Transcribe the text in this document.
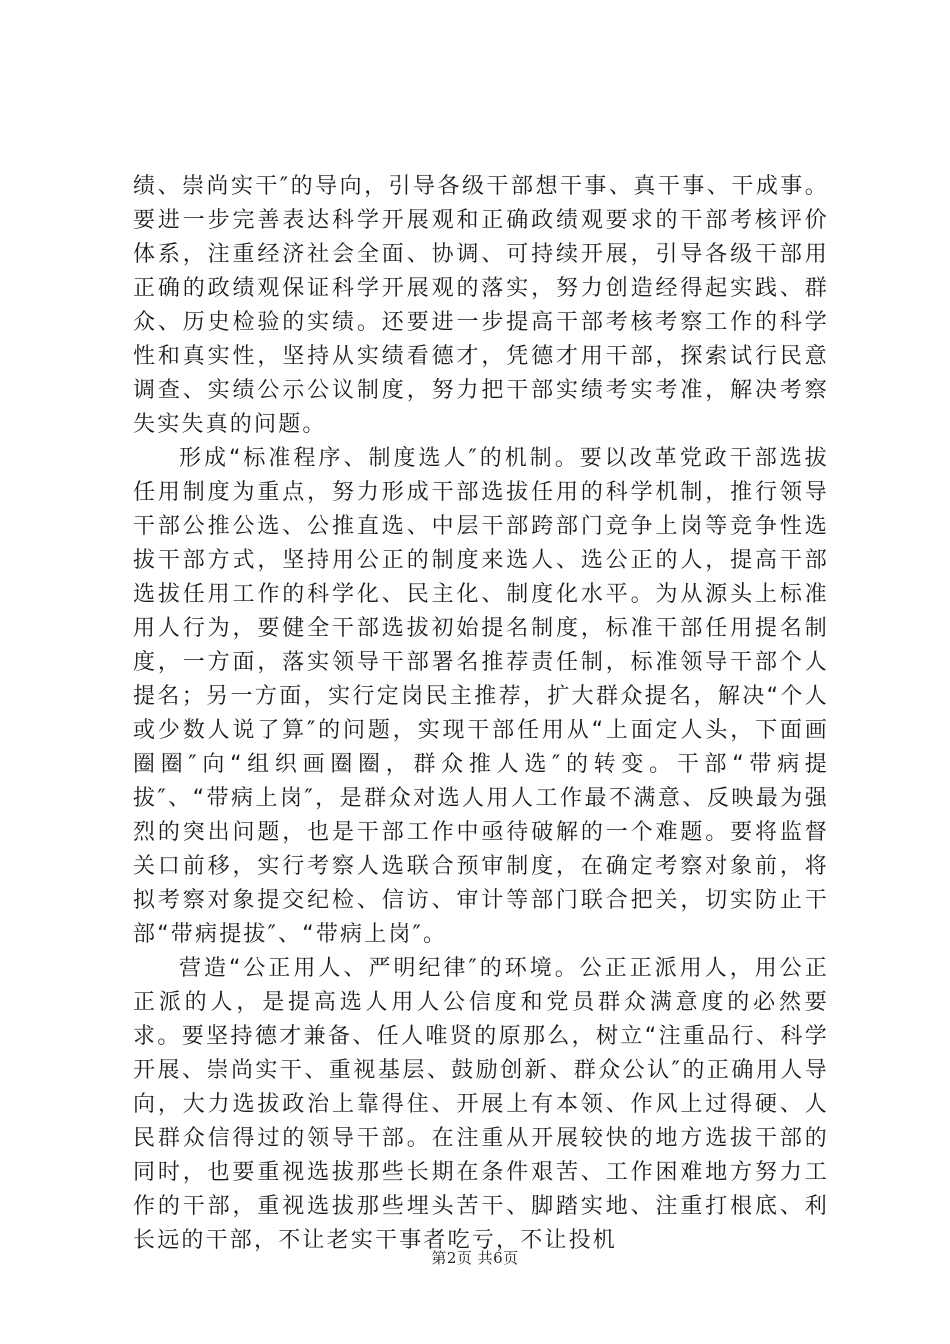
绩、崇尚实干″的导向，引导各级干部想干事、真干事、干成事。要进一步完善表达科学开展观和正确政绩观要求的干部考核评价体系，注重经济社会全面、协调、可持续开展，引导各级干部用正确的政绩观保证科学开展观的落实，努力创造经得起实践、群众、历史检验的实绩。还要进一步提高干部考核考察工作的科学性和真实性，坚持从实绩看德才，凭德才用干部，探索试行民意调查、实绩公示公议制度，努力把干部实绩考实考准，解决考察失实失真的问题。

形成“标准程序、制度选人″的机制。要以改革党政干部选拔任用制度为重点，努力形成干部选拔任用的科学机制，推行领导干部公推公选、公推直选、中层干部跨部门竞争上岗等竞争性选拔干部方式，坚持用公正的制度来选人、选公正的人，提高干部选拔任用工作的科学化、民主化、制度化水平。为从源头上标准用人行为，要健全干部选拔初始提名制度，标准干部任用提名制度，一方面，落实领导干部署名推荐责任制，标准领导干部个人提名；另一方面，实行定岗民主推荐，扩大群众提名，解决“个人或少数人说了算″的问题，实现干部任用从“上面定人头，下面画圈圈″向“组织画圈圈，群众推人选″的转变。干部“带病提拔″、“带病上岗″，是群众对选人用人工作最不满意、反映最为强烈的突出问题，也是干部工作中亟待破解的一个难题。要将监督关口前移，实行考察人选联合预审制度，在确定考察对象前，将拟考察对象提交纪检、信访、审计等部门联合把关，切实防止干部“带病提拔″、“带病上岗″。

营造“公正用人、严明纪律″的环境。公正正派用人，用公正正派的人，是提高选人用人公信度和党员群众满意度的必然要求。要坚持德才兼备、任人唯贤的原那么，树立“注重品行、科学开展、崇尚实干、重视基层、鼓励创新、群众公认″的正确用人导向，大力选拔政治上靠得住、开展上有本领、作风上过得硬、人民群众信得过的领导干部。在注重从开展较快的地方选拔干部的同时，也要重视选拔那些长期在条件艰苦、工作困难地方努力工作的干部，重视选拔那些埋头苦干、脚踏实地、注重打根底、利长远的干部，不让老实干事者吃亏，不让投机

第2页 共6页
